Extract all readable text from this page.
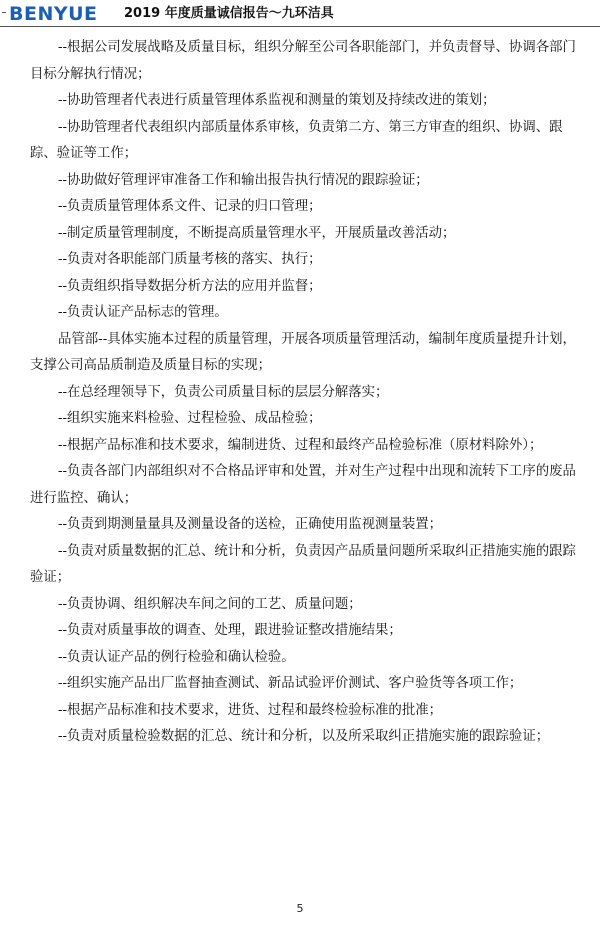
BENYUE 2019 年度质量诚信报告～九环洁具

--根据公司发展战略及质量目标，组织分解至公司各职能部门，并负责督导、协调各部门目标分解执行情况；

--协助管理者代表进行质量管理体系监视和测量的策划及持续改进的策划；

--协助管理者代表组织内部质量体系审核，负责第二方、第三方审查的组织、协调、跟踪、验证等工作；

--协助做好管理评审准备工作和输出报告执行情况的跟踪验证；

--负责质量管理体系文件、记录的归口管理；

--制定质量管理制度，不断提高质量管理水平，开展质量改善活动；

--负责对各职能部门质量考核的落实、执行；

--负责组织指导数据分析方法的应用并监督；

--负责认证产品标志的管理。

品管部--具体实施本过程的质量管理，开展各项质量管理活动，编制年度质量提升计划，支撑公司高品质制造及质量目标的实现；

--在总经理领导下，负责公司质量目标的层层分解落实；

--组织实施来料检验、过程检验、成品检验；

--根据产品标准和技术要求，编制进货、过程和最终产品检验标准（原材料除外）；

--负责各部门内部组织对不合格品评审和处置，并对生产过程中出现和流转下工序的废品进行监控、确认；

--负责到期测量量具及测量设备的送检，正确使用监视测量装置；

--负责对质量数据的汇总、统计和分析，负责因产品质量问题所采取纠正措施实施的跟踪验证；

--负责协调、组织解决车间之间的工艺、质量问题；

--负责对质量事故的调查、处理，跟进验证整改措施结果；

--负责认证产品的例行检验和确认检验。

--组织实施产品出厂监督抽查测试、新品试验评价测试、客户验货等各项工作；

--根据产品标准和技术要求，进货、过程和最终检验标准的批准；

--负责对质量检验数据的汇总、统计和分析，以及所采取纠正措施实施的跟踪验证；

5
